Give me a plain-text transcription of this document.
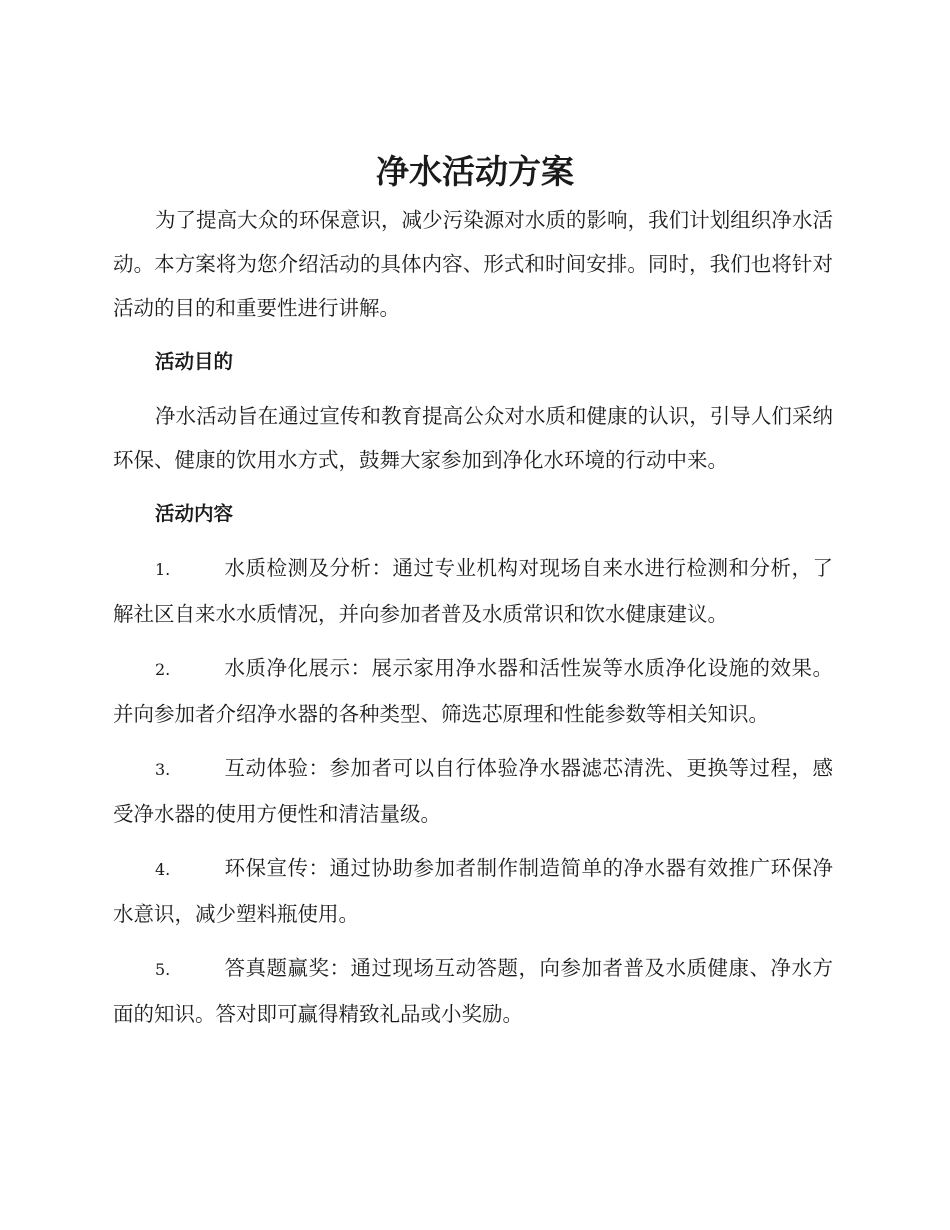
净水活动方案

为了提高大众的环保意识，减少污染源对水质的影响，我们计划组织净水活动。本方案将为您介绍活动的具体内容、形式和时间安排。同时，我们也将针对活动的目的和重要性进行讲解。

活动目的

净水活动旨在通过宣传和教育提高公众对水质和健康的认识，引导人们采纳环保、健康的饮用水方式，鼓舞大家参加到净化水环境的行动中来。

活动内容

1.	水质检测及分析：通过专业机构对现场自来水进行检测和分析，了解社区自来水水质情况，并向参加者普及水质常识和饮水健康建议。

2.	水质净化展示：展示家用净水器和活性炭等水质净化设施的效果。并向参加者介绍净水器的各种类型、筛选芯原理和性能参数等相关知识。

3.	互动体验：参加者可以自行体验净水器滤芯清洗、更换等过程，感受净水器的使用方便性和清洁量级。

4.	环保宣传：通过协助参加者制作制造简单的净水器有效推广环保净水意识，减少塑料瓶使用。

5.	答真题赢奖：通过现场互动答题，向参加者普及水质健康、净水方面的知识。答对即可赢得精致礼品或小奖励。
